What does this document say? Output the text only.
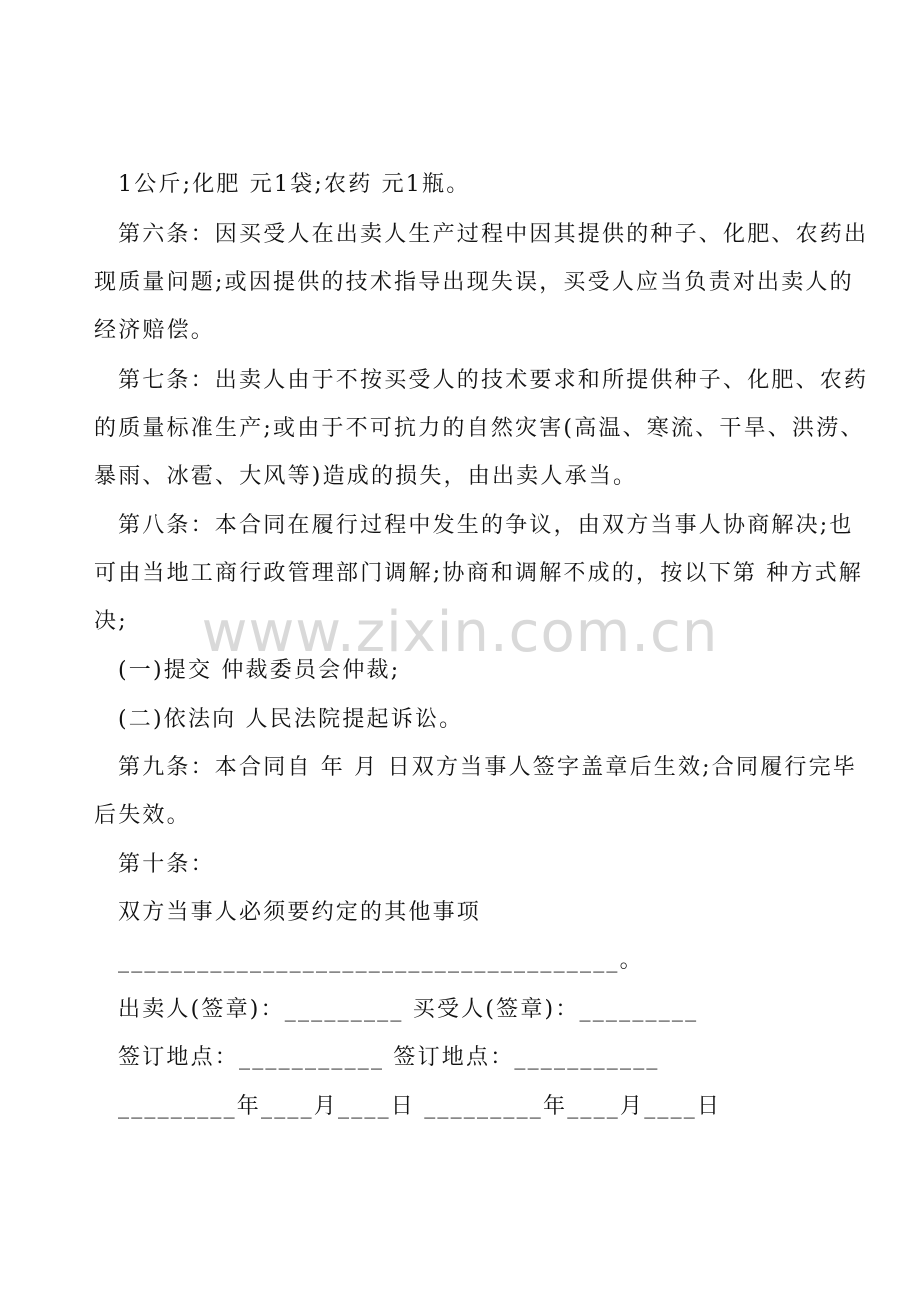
1公斤;化肥 元1袋;农药 元1瓶。
第六条：因买受人在出卖人生产过程中因其提供的种子、化肥、农药出
现质量问题;或因提供的技术指导出现失误，买受人应当负责对出卖人的
经济赔偿。
第七条：出卖人由于不按买受人的技术要求和所提供种子、化肥、农药
的质量标准生产;或由于不可抗力的自然灾害(高温、寒流、干旱、洪涝、
暴雨、冰雹、大风等)造成的损失，由出卖人承当。
第八条：本合同在履行过程中发生的争议，由双方当事人协商解决;也
可由当地工商行政管理部门调解;协商和调解不成的，按以下第 种方式解
决;
(一)提交 仲裁委员会仲裁;
(二)依法向 人民法院提起诉讼。
第九条：本合同自 年 月 日双方当事人签字盖章后生效;合同履行完毕
后失效。
第十条：
双方当事人必须要约定的其他事项
______________________________________。
出卖人(签章)：_________ 买受人(签章)：_________
签订地点：___________ 签订地点：___________
_________年____月____日 _________年____月____日
www.zixin.com.cn
